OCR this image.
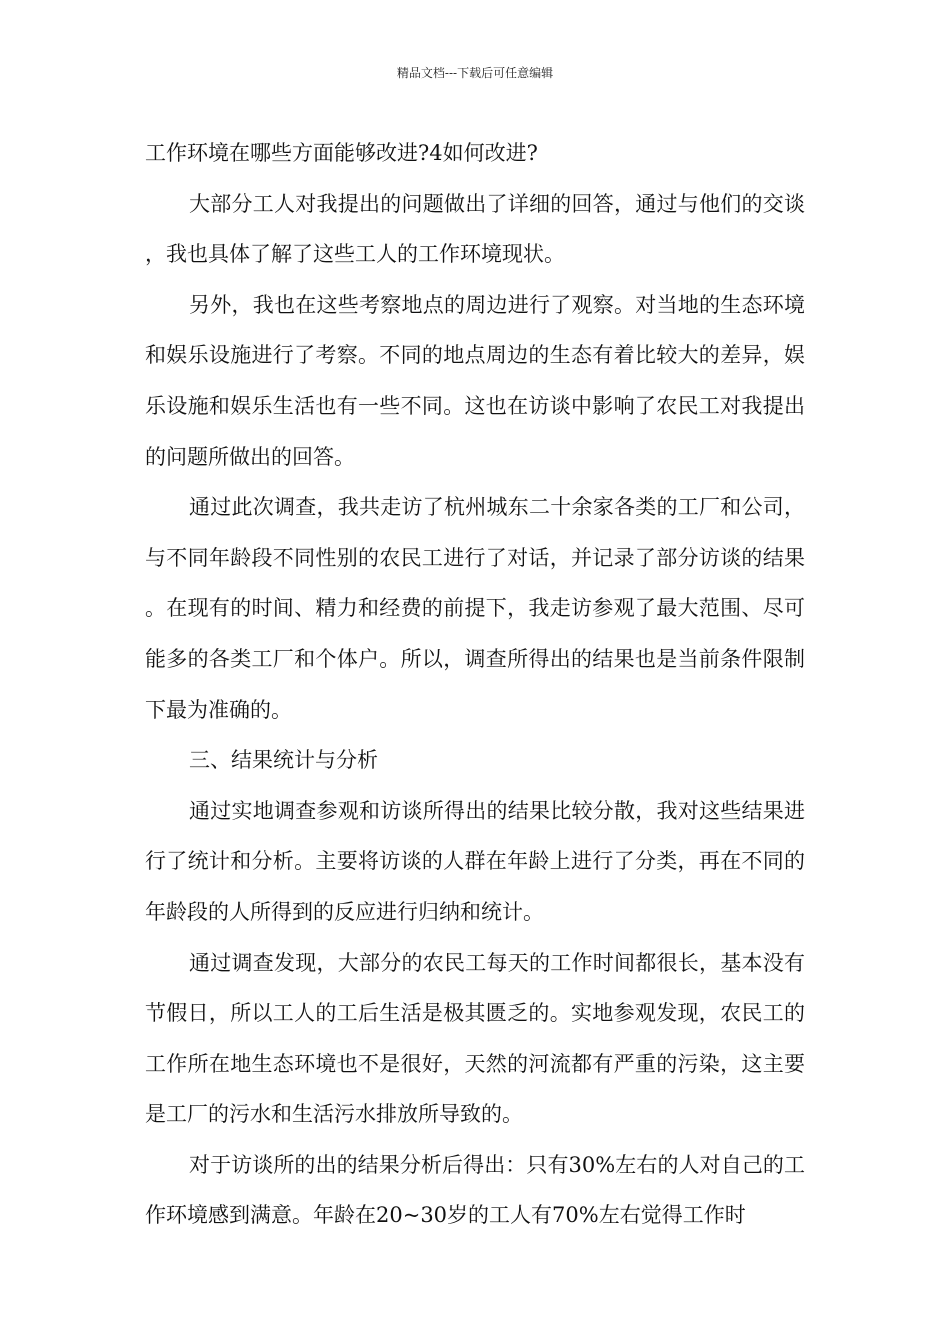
精品文档---下载后可任意编辑

工作环境在哪些方面能够改进?4如何改进?

大部分工人对我提出的问题做出了详细的回答，通过与他们的交谈，我也具体了解了这些工人的工作环境现状。

另外，我也在这些考察地点的周边进行了观察。对当地的生态环境和娱乐设施进行了考察。不同的地点周边的生态有着比较大的差异，娱乐设施和娱乐生活也有一些不同。这也在访谈中影响了农民工对我提出的问题所做出的回答。

通过此次调查，我共走访了杭州城东二十余家各类的工厂和公司，与不同年龄段不同性别的农民工进行了对话，并记录了部分访谈的结果。在现有的时间、精力和经费的前提下，我走访参观了最大范围、尽可能多的各类工厂和个体户。所以，调查所得出的结果也是当前条件限制下最为准确的。

三、结果统计与分析

通过实地调查参观和访谈所得出的结果比较分散，我对这些结果进行了统计和分析。主要将访谈的人群在年龄上进行了分类，再在不同的年龄段的人所得到的反应进行归纳和统计。

通过调查发现，大部分的农民工每天的工作时间都很长，基本没有节假日，所以工人的工后生活是极其匮乏的。实地参观发现，农民工的工作所在地生态环境也不是很好，天然的河流都有严重的污染，这主要是工厂的污水和生活污水排放所导致的。

对于访谈所的出的结果分析后得出：只有30%左右的人对自己的工作环境感到满意。年龄在20~30岁的工人有70%左右觉得工作时
